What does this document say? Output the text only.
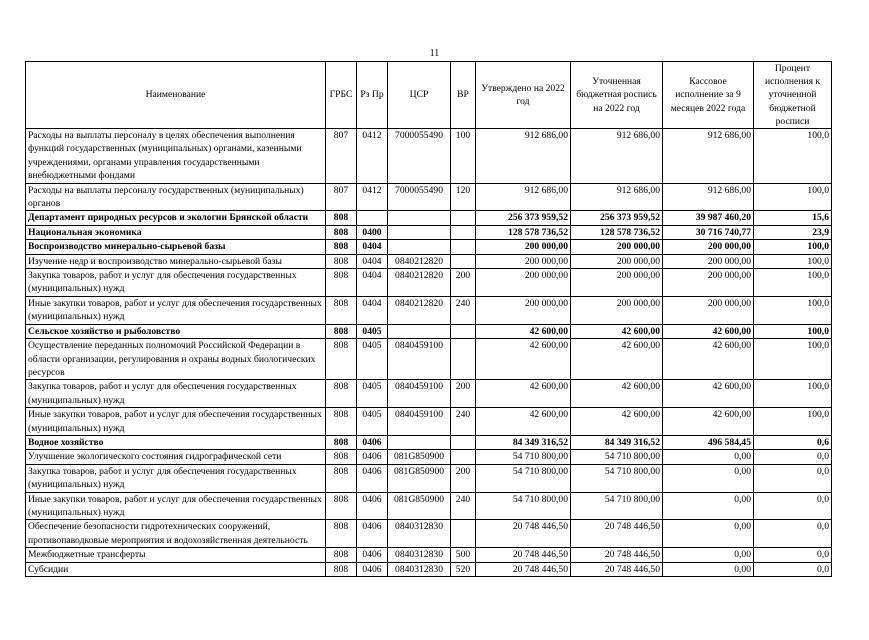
11
Наименование	ГРБС	Рз Пр	ЦСР	ВР	Утверждено на 2022 год	Уточненная бюджетная роспись на 2022 год	Кассовое исполнение за 9 месяцев 2022 года	Процент исполнения к уточненной бюджетной росписи
Расходы на выплаты персоналу в целях обеспечения выполнения функций государственных (муниципальных) органами, казенными учреждениями, органами управления государственными внебюджетными фондами	807	0412	7000055490	100	912 686,00	912 686,00	912 686,00	100,0
Расходы на выплаты персоналу государственных (муниципальных) органов	807	0412	7000055490	120	912 686,00	912 686,00	912 686,00	100,0
Департамент природных ресурсов и экологии Брянской области	808				256 373 959,52	256 373 959,52	39 987 460,20	15,6
Национальная экономика	808	0400			128 578 736,52	128 578 736,52	30 716 740,77	23,9
Воспроизводство минерально-сырьевой базы	808	0404			200 000,00	200 000,00	200 000,00	100,0
Изучение недр и воспроизводство минерально-сырьевой базы	808	0404	0840212820		200 000,00	200 000,00	200 000,00	100,0
Закупка товаров, работ и услуг для обеспечения государственных (муниципальных) нужд	808	0404	0840212820	200	200 000,00	200 000,00	200 000,00	100,0
Иные закупки товаров, работ и услуг для обеспечения государственных (муниципальных) нужд	808	0404	0840212820	240	200 000,00	200 000,00	200 000,00	100,0
Сельское хозяйство и рыболовство	808	0405			42 600,00	42 600,00	42 600,00	100,0
Осуществление переданных полномочий Российской Федерации в области организации, регулирования и охраны водных биологических ресурсов	808	0405	0840459100		42 600,00	42 600,00	42 600,00	100,0
Закупка товаров, работ и услуг для обеспечения государственных (муниципальных) нужд	808	0405	0840459100	200	42 600,00	42 600,00	42 600,00	100,0
Иные закупки товаров, работ и услуг для обеспечения государственных (муниципальных) нужд	808	0405	0840459100	240	42 600,00	42 600,00	42 600,00	100,0
Водное хозяйство	808	0406			84 349 316,52	84 349 316,52	496 584,45	0,6
Улучшение экологического состояния гидрографической сети	808	0406	081G850900		54 710 800,00	54 710 800,00	0,00	0,0
Закупка товаров, работ и услуг для обеспечения государственных (муниципальных) нужд	808	0406	081G850900	200	54 710 800,00	54 710 800,00	0,00	0,0
Иные закупки товаров, работ и услуг для обеспечения государственных (муниципальных) нужд	808	0406	081G850900	240	54 710 800,00	54 710 800,00	0,00	0,0
Обеспечение безопасности гидротехнических сооружений, противопаводковые мероприятия и водохозяйственная деятельность	808	0406	0840312830		20 748 446,50	20 748 446,50	0,00	0,0
Межбюджетные трансферты	808	0406	0840312830	500	20 748 446,50	20 748 446,50	0,00	0,0
Субсидии	808	0406	0840312830	520	20 748 446,50	20 748 446,50	0,00	0,0
